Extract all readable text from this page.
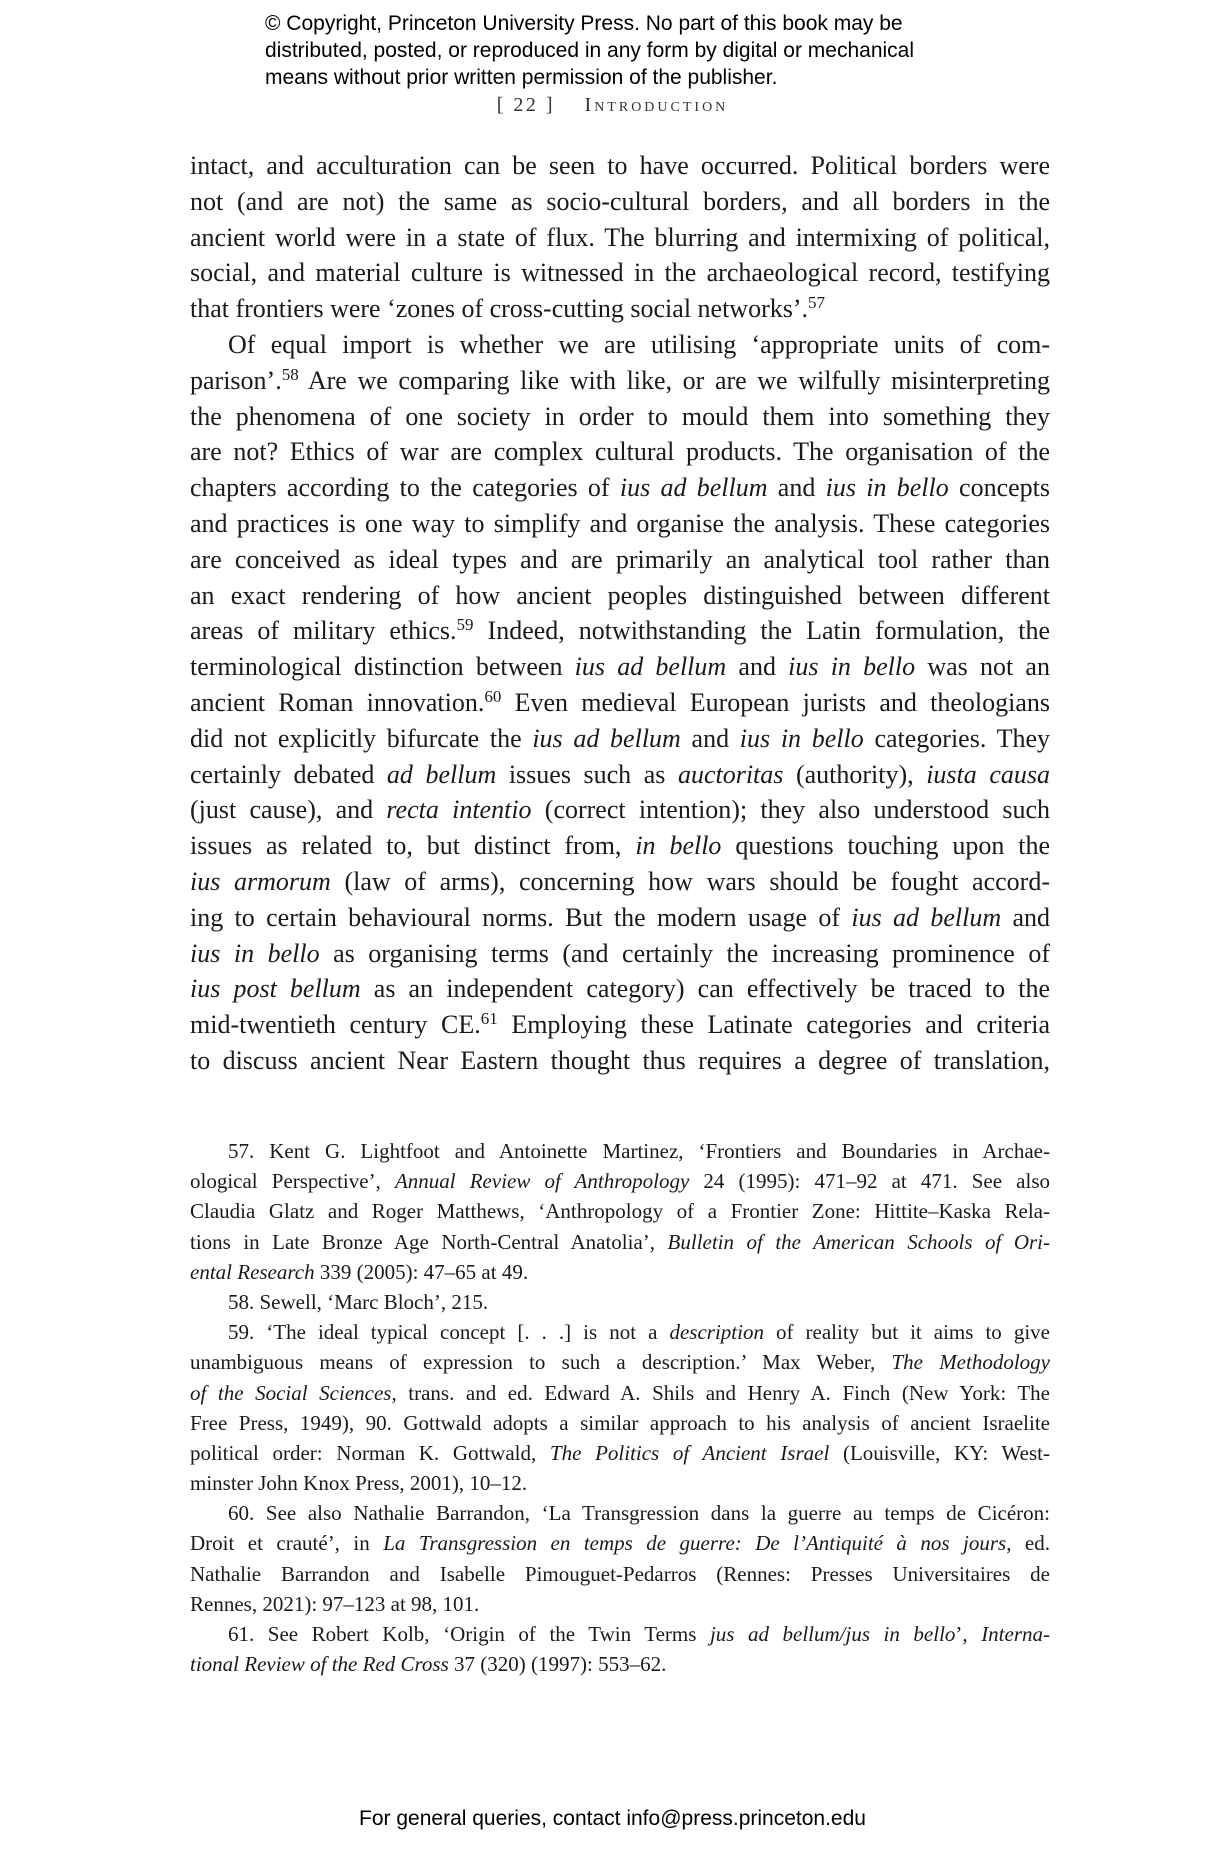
© Copyright, Princeton University Press. No part of this book may be
distributed, posted, or reproduced in any form by digital or mechanical
means without prior written permission of the publisher.
[ 22 ] Introduction
intact, and acculturation can be seen to have occurred. Political borders were
not (and are not) the same as socio-cultural borders, and all borders in the
ancient world were in a state of flux. The blurring and intermixing of political,
social, and material culture is witnessed in the archaeological record, testifying
that frontiers were ‘zones of cross-cutting social networks’.$^{57}$
Of equal import is whether we are utilising ‘appropriate units of com-
parison’.$^{58}$ Are we comparing like with like, or are we wilfully misinterpreting
the phenomena of one society in order to mould them into something they
are not? Ethics of war are complex cultural products. The organisation of the
chapters according to the categories of ius ad bellum and ius in bello concepts
and practices is one way to simplify and organise the analysis. These categories
are conceived as ideal types and are primarily an analytical tool rather than
an exact rendering of how ancient peoples distinguished between different
areas of military ethics.$^{59}$ Indeed, notwithstanding the Latin formulation, the
terminological distinction between ius ad bellum and ius in bello was not an
ancient Roman innovation.$^{60}$ Even medieval European jurists and theologians
did not explicitly bifurcate the ius ad bellum and ius in bello categories. They
certainly debated ad bellum issues such as auctoritas (authority), iusta causa
(just cause), and recta intentio (correct intention); they also understood such
issues as related to, but distinct from, in bello questions touching upon the
ius armorum (law of arms), concerning how wars should be fought accord-
ing to certain behavioural norms. But the modern usage of ius ad bellum and
ius in bello as organising terms (and certainly the increasing prominence of
ius post bellum as an independent category) can effectively be traced to the
mid-twentieth century CE.$^{61}$ Employing these Latinate categories and criteria
to discuss ancient Near Eastern thought thus requires a degree of translation,
57. Kent G. Lightfoot and Antoinette Martinez, ‘Frontiers and Boundaries in Archae-
ological Perspective’, Annual Review of Anthropology 24 (1995): 471–92 at 471. See also
Claudia Glatz and Roger Matthews, ‘Anthropology of a Frontier Zone: Hittite–Kaska Rela-
tions in Late Bronze Age North-Central Anatolia’, Bulletin of the American Schools of Ori-
ental Research 339 (2005): 47–65 at 49.
58. Sewell, ‘Marc Bloch’, 215.
59. ‘The ideal typical concept [. . .] is not a description of reality but it aims to give
unambiguous means of expression to such a description.’ Max Weber, The Methodology
of the Social Sciences, trans. and ed. Edward A. Shils and Henry A. Finch (New York: The
Free Press, 1949), 90. Gottwald adopts a similar approach to his analysis of ancient Israelite
political order: Norman K. Gottwald, The Politics of Ancient Israel (Louisville, KY: West-
minster John Knox Press, 2001), 10–12.
60. See also Nathalie Barrandon, ‘La Transgression dans la guerre au temps de Cicéron:
Droit et crauté’, in La Transgression en temps de guerre: De l’Antiquité à nos jours, ed.
Nathalie Barrandon and Isabelle Pimouguet-Pedarros (Rennes: Presses Universitaires de
Rennes, 2021): 97–123 at 98, 101.
61. See Robert Kolb, ‘Origin of the Twin Terms jus ad bellum/jus in bello’, Interna-
tional Review of the Red Cross 37 (320) (1997): 553–62.
For general queries, contact info@press.princeton.edu
